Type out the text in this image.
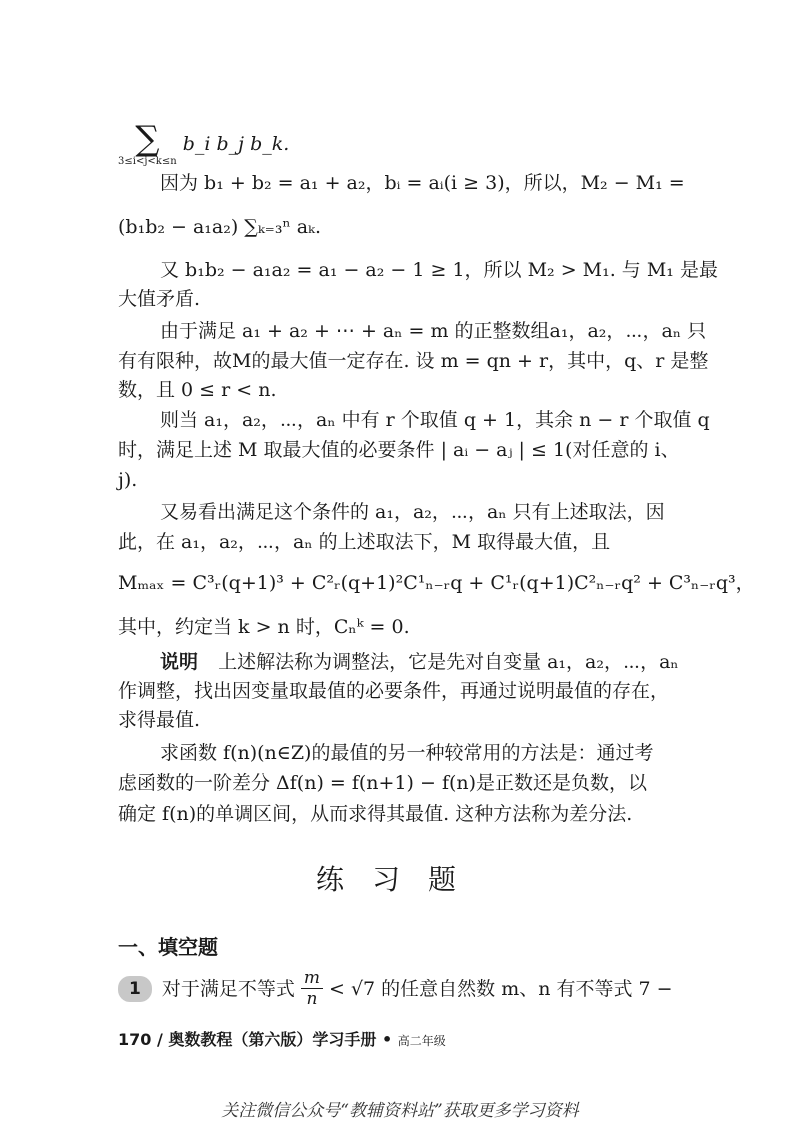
∑
3≤i<j<k≤n
b_i b_j b_k.
因为 b₁ + b₂ = a₁ + a₂，bᵢ = aᵢ(i ≥ 3)，所以，M₂ − M₁ =
(b₁b₂ − a₁a₂) ∑ₖ₌₃ⁿ aₖ.
又 b₁b₂ − a₁a₂ = a₁ − a₂ − 1 ≥ 1，所以 M₂ > M₁. 与 M₁ 是最
大值矛盾.
由于满足 a₁ + a₂ + ⋯ + aₙ = m 的正整数组a₁，a₂，⋯，aₙ 只
有有限种，故M的最大值一定存在. 设 m = qn + r，其中，q、r 是整
数，且 0 ≤ r < n.
则当 a₁，a₂，⋯，aₙ 中有 r 个取值 q + 1，其余 n − r 个取值 q
时，满足上述 M 取最大值的必要条件 | aᵢ − aⱼ | ≤ 1(对任意的 i、
j).
又易看出满足这个条件的 a₁，a₂，⋯，aₙ 只有上述取法，因
此，在 a₁，a₂，⋯，aₙ 的上述取法下，M 取得最大值，且
Mₘₐₓ = C³ᵣ(q+1)³ + C²ᵣ(q+1)²C¹ₙ₋ᵣq + C¹ᵣ(q+1)C²ₙ₋ᵣq² + C³ₙ₋ᵣq³，
其中，约定当 k > n 时，Cₙᵏ = 0.
说明 上述解法称为调整法，它是先对自变量 a₁，a₂，⋯，aₙ
作调整，找出因变量取最值的必要条件，再通过说明最值的存在，
求得最值.
求函数 f(n)(n∈Z)的最值的另一种较常用的方法是：通过考
虑函数的一阶差分 Δf(n) = f(n+1) − f(n)是正数还是负数，以
确定 f(n)的单调区间，从而求得其最值. 这种方法称为差分法.
练习题
一、填空题
1	对于满足不等式 $\frac{m}{n} < √7$ 的任意自然数 m、n 有不等式 7 −
170 / 奥数教程（第六版）学习手册 • 高二年级
关注微信公众号“教辅资料站”获取更多学习资料
